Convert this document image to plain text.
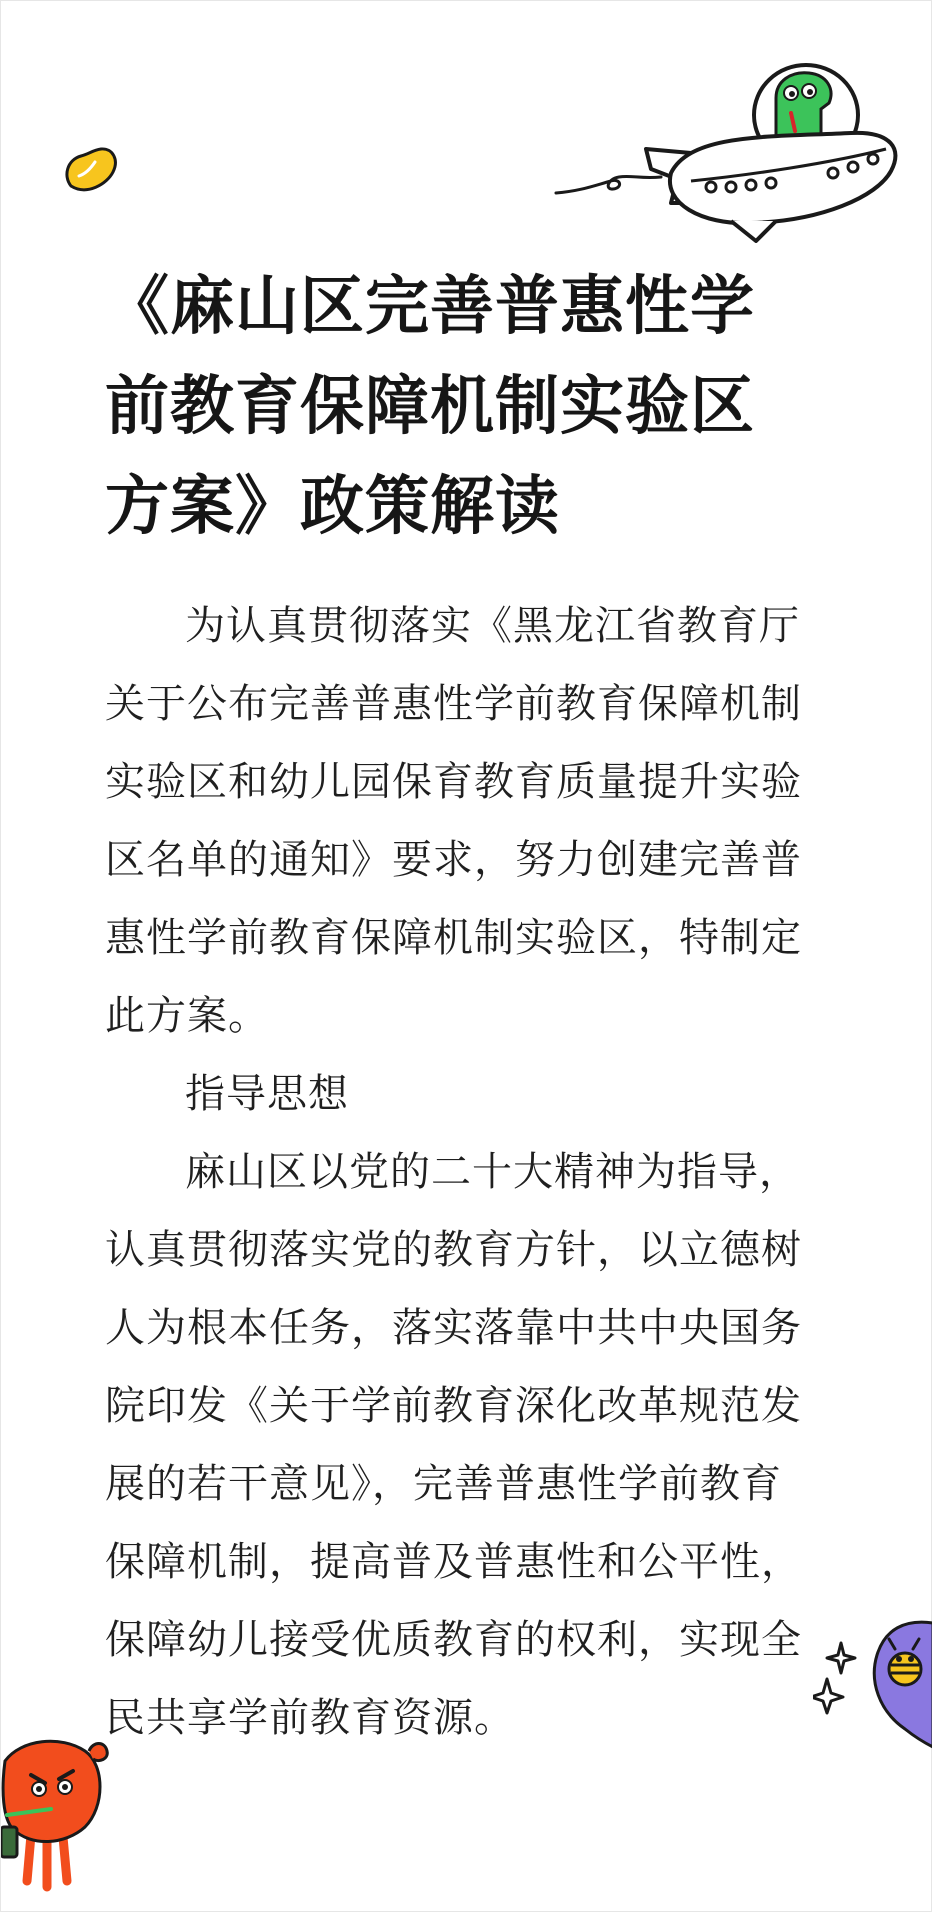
《麻山区完善普惠性学前教育保障机制实验区方案》政策解读

为认真贯彻落实《黑龙江省教育厅关于公布完善普惠性学前教育保障机制实验区和幼儿园保育教育质量提升实验区名单的通知》要求，努力创建完善普惠性学前教育保障机制实验区，特制定此方案。

指导思想

麻山区以党的二十大精神为指导，认真贯彻落实党的教育方针，以立德树人为根本任务，落实落靠中共中央国务院印发《关于学前教育深化改革规范发展的若干意见》，完善普惠性学前教育保障机制，提高普及普惠性和公平性，保障幼儿接受优质教育的权利，实现全民共享学前教育资源。
